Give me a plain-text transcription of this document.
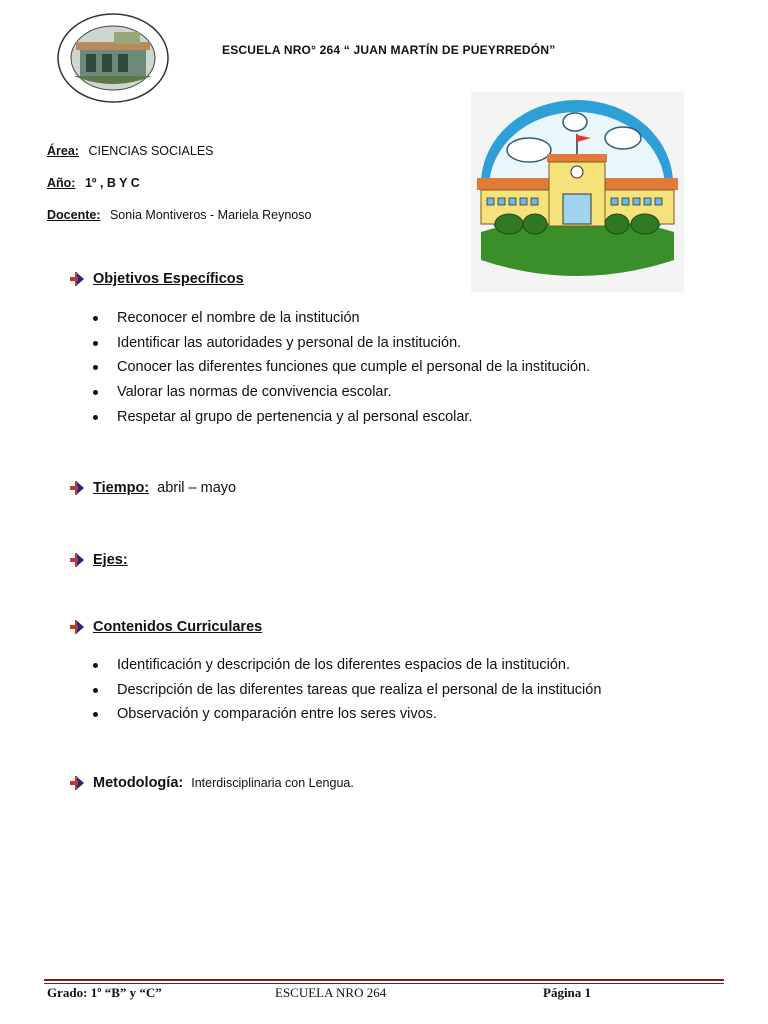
ESCUELA NRO° 264 “ JUAN MARTÍN DE PUEYRREDÓN”
Área: CIENCIAS SOCIALES
Año: 1º , B Y C
Docente: Sonia Montiveros - Mariela Reynoso
Objetivos Específicos
Reconocer el nombre de la institución
Identificar las autoridades y personal de la institución.
Conocer las diferentes funciones que cumple el personal de la institución.
Valorar las normas de convivencia escolar.
Respetar al grupo de pertenencia y al personal escolar.
Tiempo: abril – mayo
Ejes:
Contenidos Curriculares
Identificación y descripción de los diferentes espacios de la institución.
Descripción de las diferentes tareas que realiza el personal de la institución
Observación y comparación entre los seres vivos.
Metodología: Interdisciplinaria con Lengua.
Grado: 1º “B” y “C”	ESCUELA NRO 264	Página 1
